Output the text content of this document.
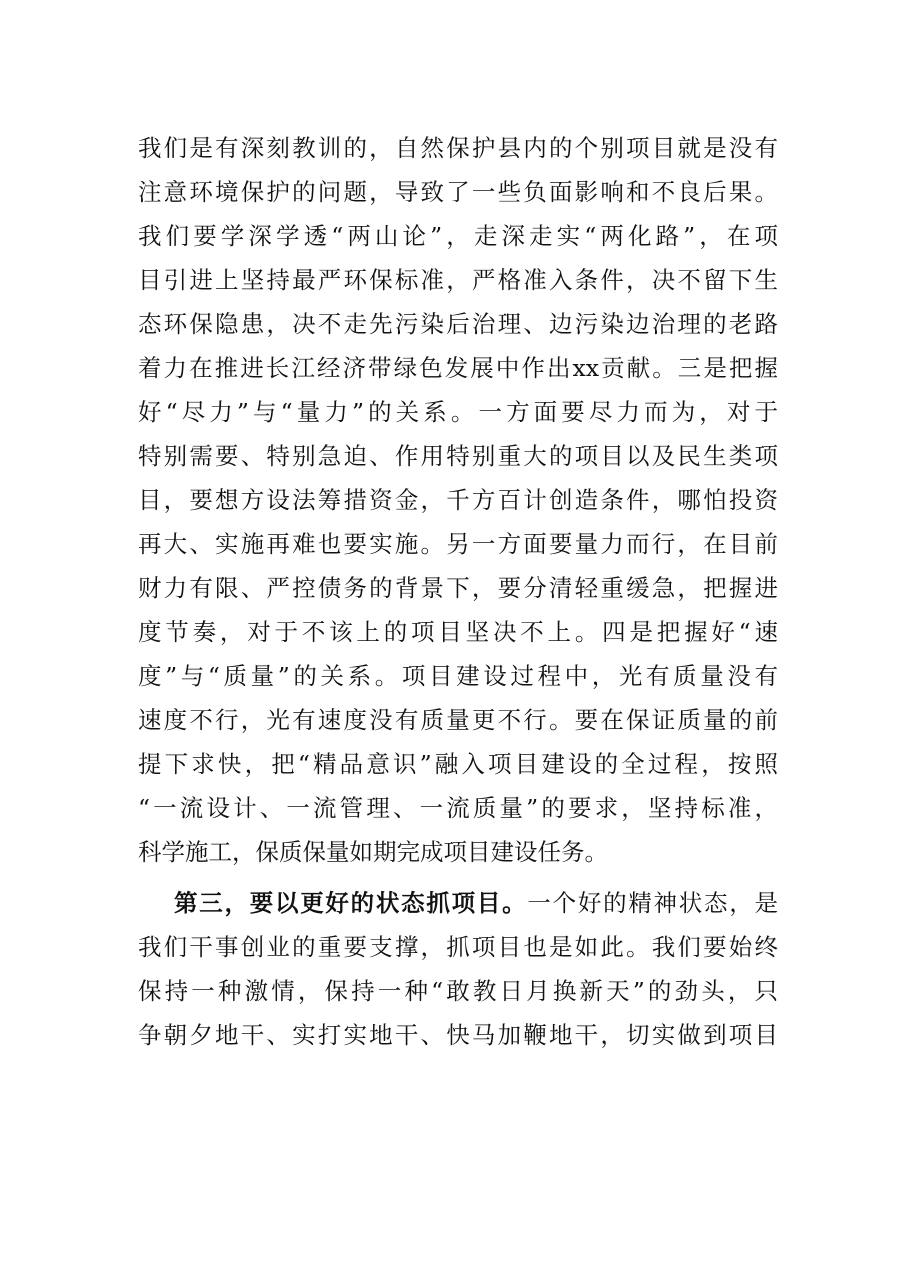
我们是有深刻教训的，自然保护县内的个别项目就是没有
注意环境保护的问题，导致了一些负面影响和不良后果。
我们要学深学透“两山论”，走深走实“两化路”，在项
目引进上坚持最严环保标准，严格准入条件，决不留下生
态环保隐患，决不走先污染后治理、边污染边治理的老路
着力在推进长江经济带绿色发展中作出xx贡献。三是把握
好“尽力”与“量力”的关系。一方面要尽力而为，对于
特别需要、特别急迫、作用特别重大的项目以及民生类项
目，要想方设法筹措资金，千方百计创造条件，哪怕投资
再大、实施再难也要实施。另一方面要量力而行，在目前
财力有限、严控债务的背景下，要分清轻重缓急，把握进
度节奏，对于不该上的项目坚决不上。四是把握好“速
度”与“质量”的关系。项目建设过程中，光有质量没有
速度不行，光有速度没有质量更不行。要在保证质量的前
提下求快，把“精品意识”融入项目建设的全过程，按照
“一流设计、一流管理、一流质量”的要求，坚持标准，
科学施工，保质保量如期完成项目建设任务。
第三，要以更好的状态抓项目。一个好的精神状态，是
我们干事创业的重要支撑，抓项目也是如此。我们要始终
保持一种激情，保持一种“敢教日月换新天”的劲头，只
争朝夕地干、实打实地干、快马加鞭地干，切实做到项目
